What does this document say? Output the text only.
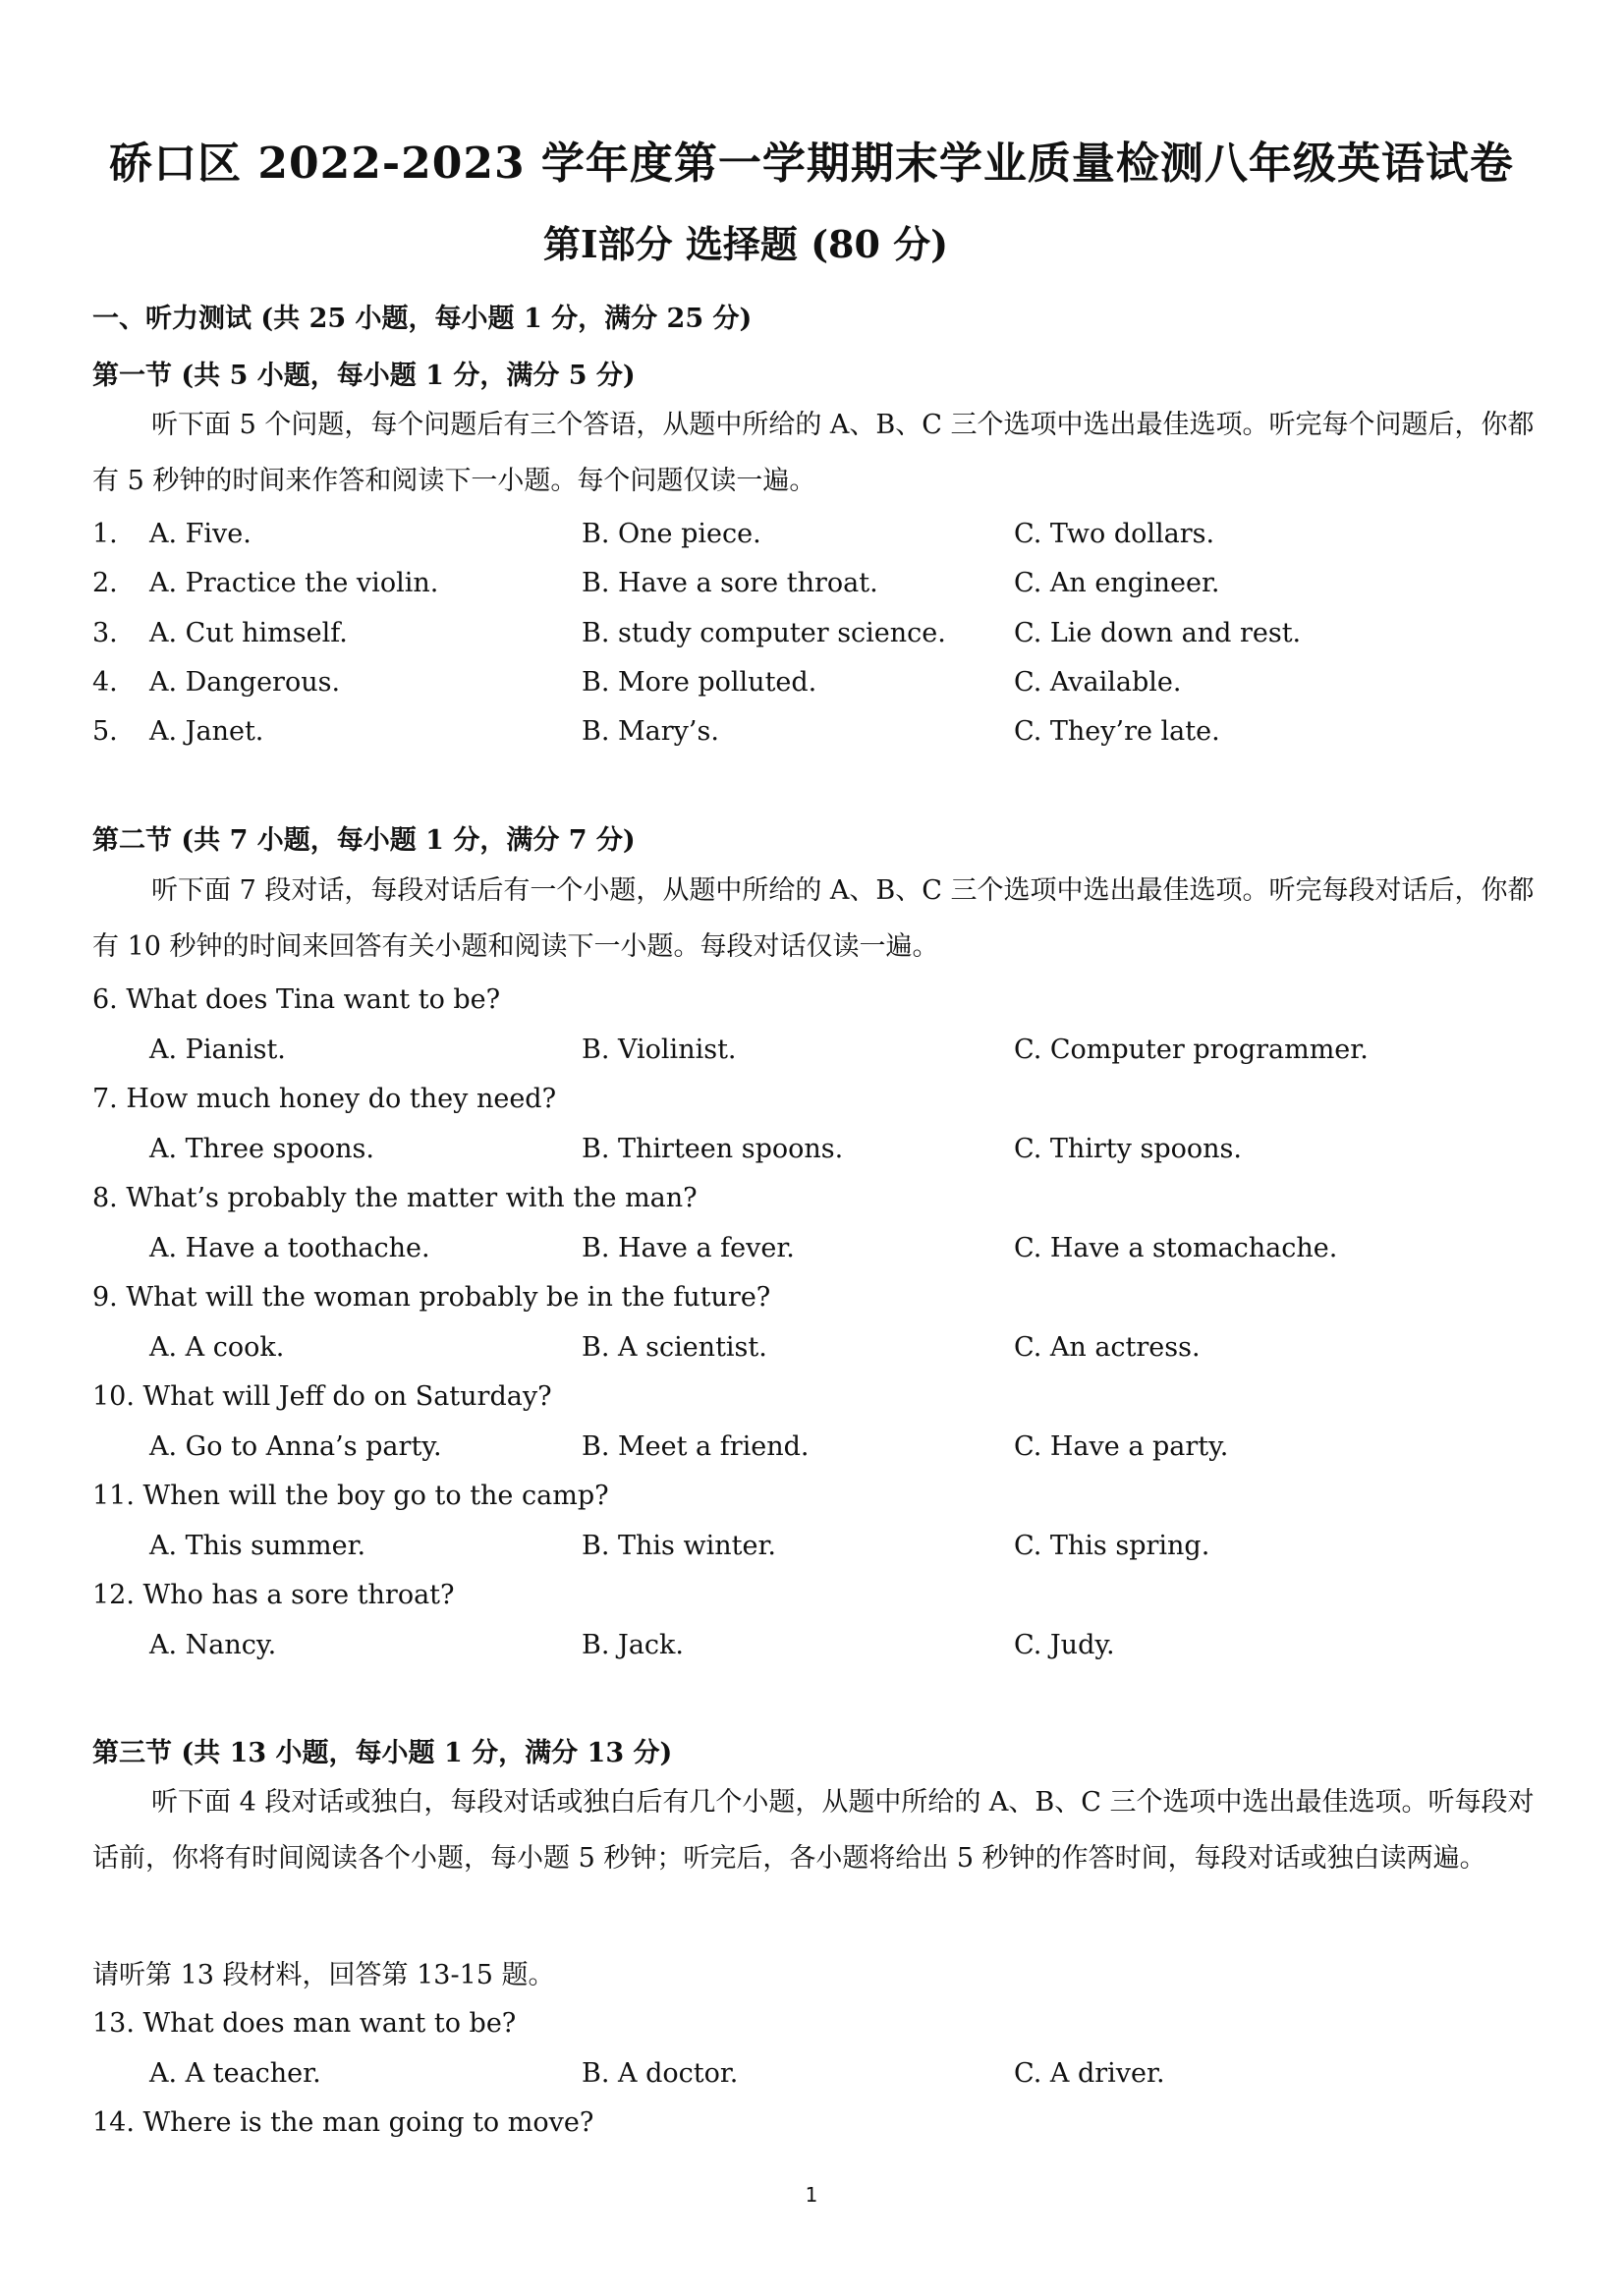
硚口区 2022-2023 学年度第一学期期末学业质量检测八年级英语试卷
第Ⅰ部分 选择题 (80 分)
一、听力测试 (共 25 小题，每小题 1 分，满分 25 分)
第一节 (共 5 小题，每小题 1 分，满分 5 分)

听下面 5 个问题，每个问题后有三个答语，从题中所给的 A、B、C 三个选项中选出最佳选项。听完每个问题后，你都有 5 秒钟的时间来作答和阅读下一小题。每个问题仅读一遍。

1. A. Five.	B. One piece.	C. Two dollars.
2. A. Practice the violin.	B. Have a sore throat.	C. An engineer.
3. A. Cut himself.	B. study computer science.	C. Lie down and rest.
4. A. Dangerous.	B. More polluted.	C. Available.
5. A. Janet.	B. Mary’s.	C. They’re late.
第二节 (共 7 小题，每小题 1 分，满分 7 分)

听下面 7 段对话，每段对话后有一个小题，从题中所给的 A、B、C 三个选项中选出最佳选项。听完每段对话后，你都有 10 秒钟的时间来回答有关小题和阅读下一小题。每段对话仅读一遍。

6. What does Tina want to be?
A. Pianist.	B. Violinist.	C. Computer programmer.
7. How much honey do they need?
A. Three spoons.	B. Thirteen spoons.	C. Thirty spoons.
8. What’s probably the matter with the man?
A. Have a toothache.	B. Have a fever.	C. Have a stomachache.
9. What will the woman probably be in the future?
A. A cook.	B. A scientist.	C. An actress.
10. What will Jeff do on Saturday?
A. Go to Anna’s party.	B. Meet a friend.	C. Have a party.
11. When will the boy go to the camp?
A. This summer.	B. This winter.	C. This spring.
12. Who has a sore throat?
A. Nancy.	B. Jack.	C. Judy.
第三节 (共 13 小题，每小题 1 分，满分 13 分)

听下面 4 段对话或独白，每段对话或独白后有几个小题，从题中所给的 A、B、C 三个选项中选出最佳选项。听每段对话前，你将有时间阅读各个小题，每小题 5 秒钟；听完后，各小题将给出 5 秒钟的作答时间，每段对话或独白读两遍。

请听第 13 段材料，回答第 13-15 题。
13. What does man want to be?
A. A teacher.	B. A doctor.	C. A driver.
14. Where is the man going to move?
1
